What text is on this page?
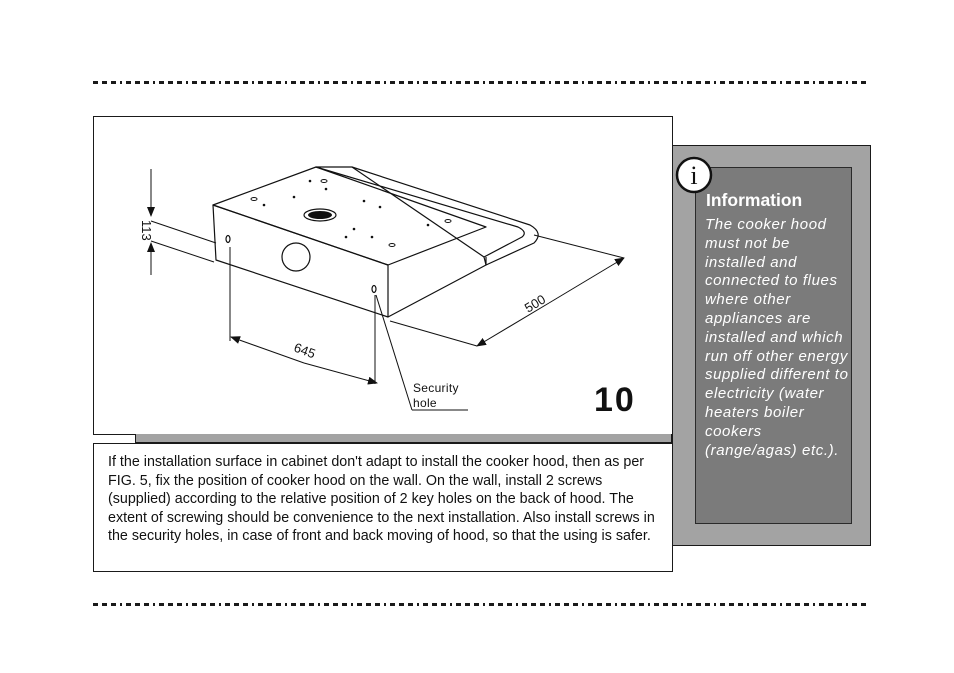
113
645
500
Security
hole	10
If the installation surface in cabinet don't adapt to install the cooker hood, then as per FIG. 5, fix the position of cooker hood on the wall. On the wall, install 2 screws (supplied) according to the relative position of 2 key holes on the back of hood. The extent of screwing should be convenience to the next installation. Also install screws in the security holes, in case of front and back moving of hood, so that the using is safer.
Information
The cooker hood must not be installed and connected to flues where other appliances are installed and which run off other energy supplied different to electricity (water heaters boiler cookers (range/agas) etc.).
i
